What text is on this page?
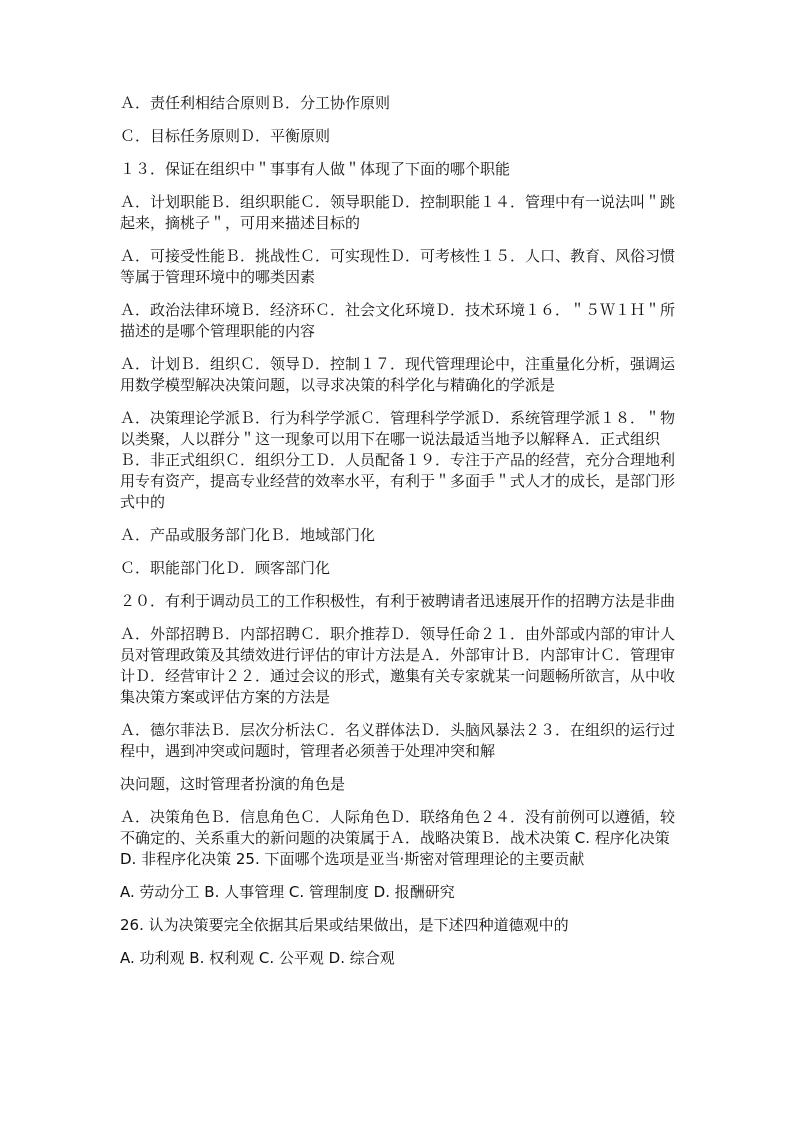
Ａ．责任利相结合原则Ｂ．分工协作原则

Ｃ．目标任务原则Ｄ．平衡原则

１３．保证在组织中＂事事有人做＂体现了下面的哪个职能

Ａ．计划职能Ｂ．组织职能Ｃ．领导职能Ｄ．控制职能１４．管理中有一说法叫＂跳起来，摘桃子＂，可用来描述目标的

Ａ．可接受性能Ｂ．挑战性Ｃ．可实现性Ｄ．可考核性１５．人口、教育、风俗习惯等属于管理环境中的哪类因素

Ａ．政治法律环境Ｂ．经济环Ｃ．社会文化环境Ｄ．技术环境１６．＂５Ｗ１Ｈ＂所描述的是哪个管理职能的内容

Ａ．计划Ｂ．组织Ｃ．领导Ｄ．控制１７．现代管理理论中，注重量化分析，强调运用数学模型解决决策问题，以寻求决策的科学化与精确化的学派是

Ａ．决策理论学派Ｂ．行为科学学派Ｃ．管理科学学派Ｄ．系统管理学派１８．＂物以类聚，人以群分＂这一现象可以用下在哪一说法最适当地予以解释Ａ．正式组织Ｂ．非正式组织Ｃ．组织分工Ｄ．人员配备１９．专注于产品的经营，充分合理地利用专有资产，提高专业经营的效率水平，有利于＂多面手＂式人才的成长，是部门形式中的

Ａ．产品或服务部门化Ｂ．地域部门化

Ｃ．职能部门化Ｄ．顾客部门化

２０．有利于调动员工的工作积极性，有利于被聘请者迅速展开作的招聘方法是非曲

Ａ．外部招聘Ｂ．内部招聘Ｃ．职介推荐Ｄ．领导任命２１．由外部或内部的审计人员对管理政策及其绩效进行评估的审计方法是Ａ．外部审计Ｂ．内部审计Ｃ．管理审计Ｄ．经营审计２２．通过会议的形式，邀集有关专家就某一问题畅所欲言，从中收集决策方案或评估方案的方法是

Ａ．德尔菲法Ｂ．层次分析法Ｃ．名义群体法Ｄ．头脑风暴法２３．在组织的运行过程中，遇到冲突或问题时，管理者必须善于处理冲突和解

决问题，这时管理者扮演的角色是

Ａ．决策角色Ｂ．信息角色Ｃ．人际角色Ｄ．联络角色２４．没有前例可以遵循，较不确定的、关系重大的新问题的决策属于Ａ．战略决策Ｂ．战术决策 C. 程序化决策 D. 非程序化决策 25. 下面哪个选项是亚当·斯密对管理理论的主要贡献

A. 劳动分工 B. 人事管理 C. 管理制度 D. 报酬研究

26. 认为决策要完全依据其后果或结果做出，是下述四种道德观中的

A. 功利观 B. 权利观 C. 公平观 D. 综合观
